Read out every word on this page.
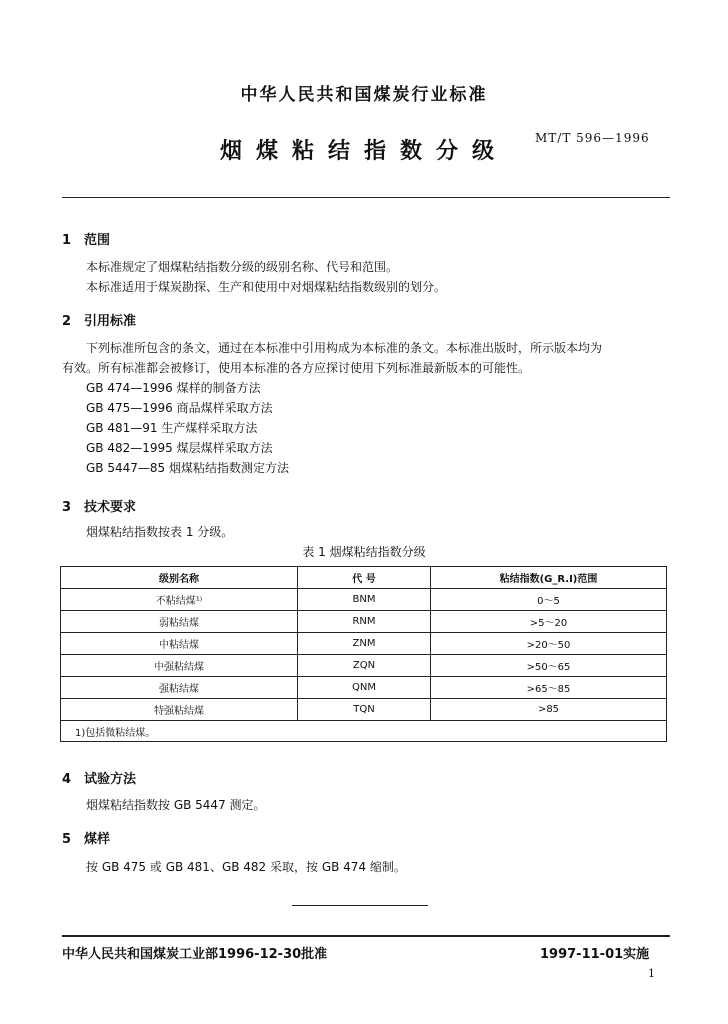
中华人民共和国煤炭行业标准
烟煤粘结指数分级
MT/T 596—1996
1 范围
本标准规定了烟煤粘结指数分级的级别名称、代号和范围。
本标准适用于煤炭勘探、生产和使用中对烟煤粘结指数级别的划分。
2 引用标准
下列标准所包含的条文，通过在本标准中引用构成为本标准的条文。本标准出版时，所示版本均为
有效。所有标准都会被修订，使用本标准的各方应探讨使用下列标准最新版本的可能性。
GB 474—1996 煤样的制备方法
GB 475—1996 商品煤样采取方法
GB 481—91 生产煤样采取方法
GB 482—1995 煤层煤样采取方法
GB 5447—85 烟煤粘结指数测定方法
3 技术要求
烟煤粘结指数按表 1 分级。
表 1 烟煤粘结指数分级
级别名称	代 号	粘结指数(G_R.I)范围
不粘结煤¹⁾	BNM	0～5
弱粘结煤	RNM	>5～20
中粘结煤	ZNM	>20～50
中强粘结煤	ZQN	>50～65
强粘结煤	QNM	>65～85
特强粘结煤	TQN	>85
1)包括微粘结煤。		
4 试验方法
烟煤粘结指数按 GB 5447 测定。
5 煤样
按 GB 475 或 GB 481、GB 482 采取，按 GB 474 缩制。
中华人民共和国煤炭工业部1996-12-30批准	1997-11-01实施
1
